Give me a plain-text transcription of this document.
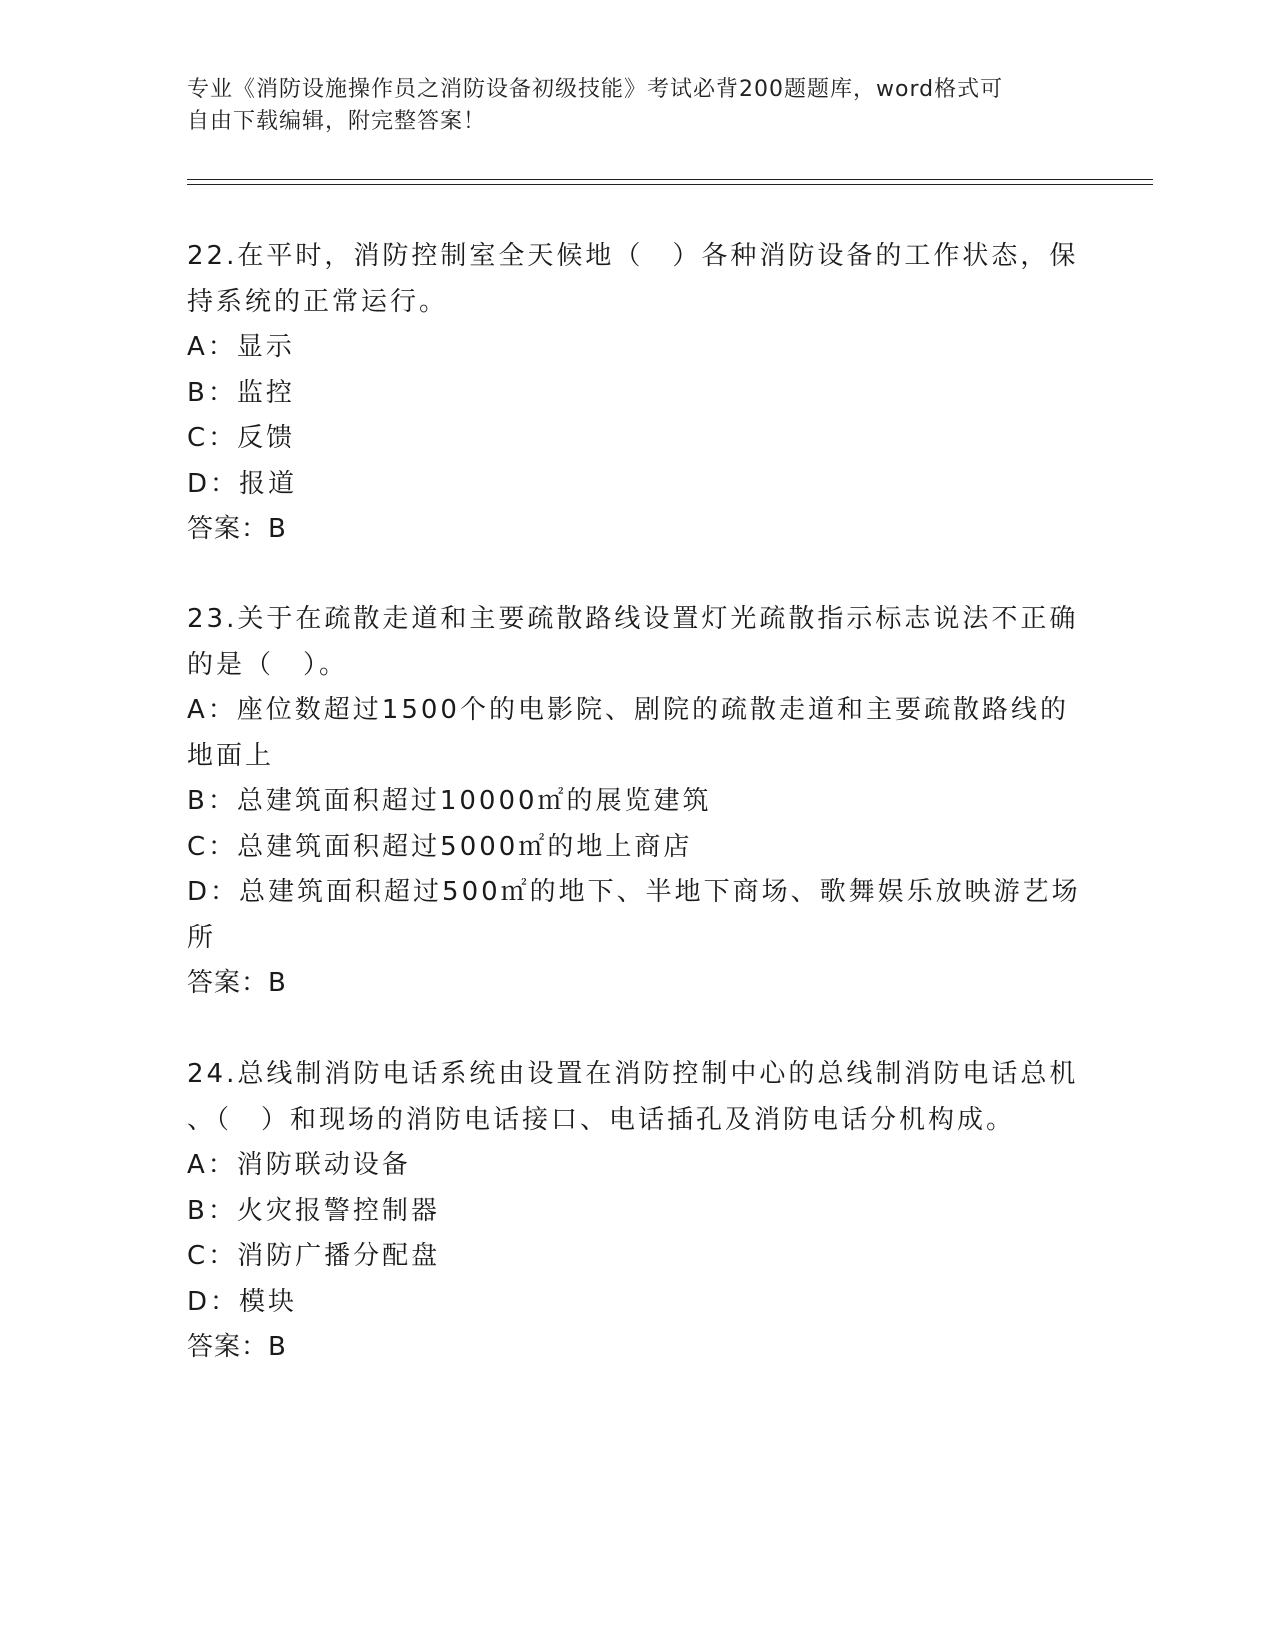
专业《消防设施操作员之消防设备初级技能》考试必背200题题库，word格式可
自由下载编辑，附完整答案！
22.在平时，消防控制室全天候地（　）各种消防设备的工作状态，保
持系统的正常运行。
A：显示
B：监控
C：反馈
D：报道
答案：B
23.关于在疏散走道和主要疏散路线设置灯光疏散指示标志说法不正确
的是（　）。
A：座位数超过1500个的电影院、剧院的疏散走道和主要疏散路线的
地面上
B：总建筑面积超过10000㎡的展览建筑
C：总建筑面积超过5000㎡的地上商店
D：总建筑面积超过500㎡的地下、半地下商场、歌舞娱乐放映游艺场
所
答案：B
24.总线制消防电话系统由设置在消防控制中心的总线制消防电话总机
、（　）和现场的消防电话接口、电话插孔及消防电话分机构成。
A：消防联动设备
B：火灾报警控制器
C：消防广播分配盘
D：模块
答案：B
